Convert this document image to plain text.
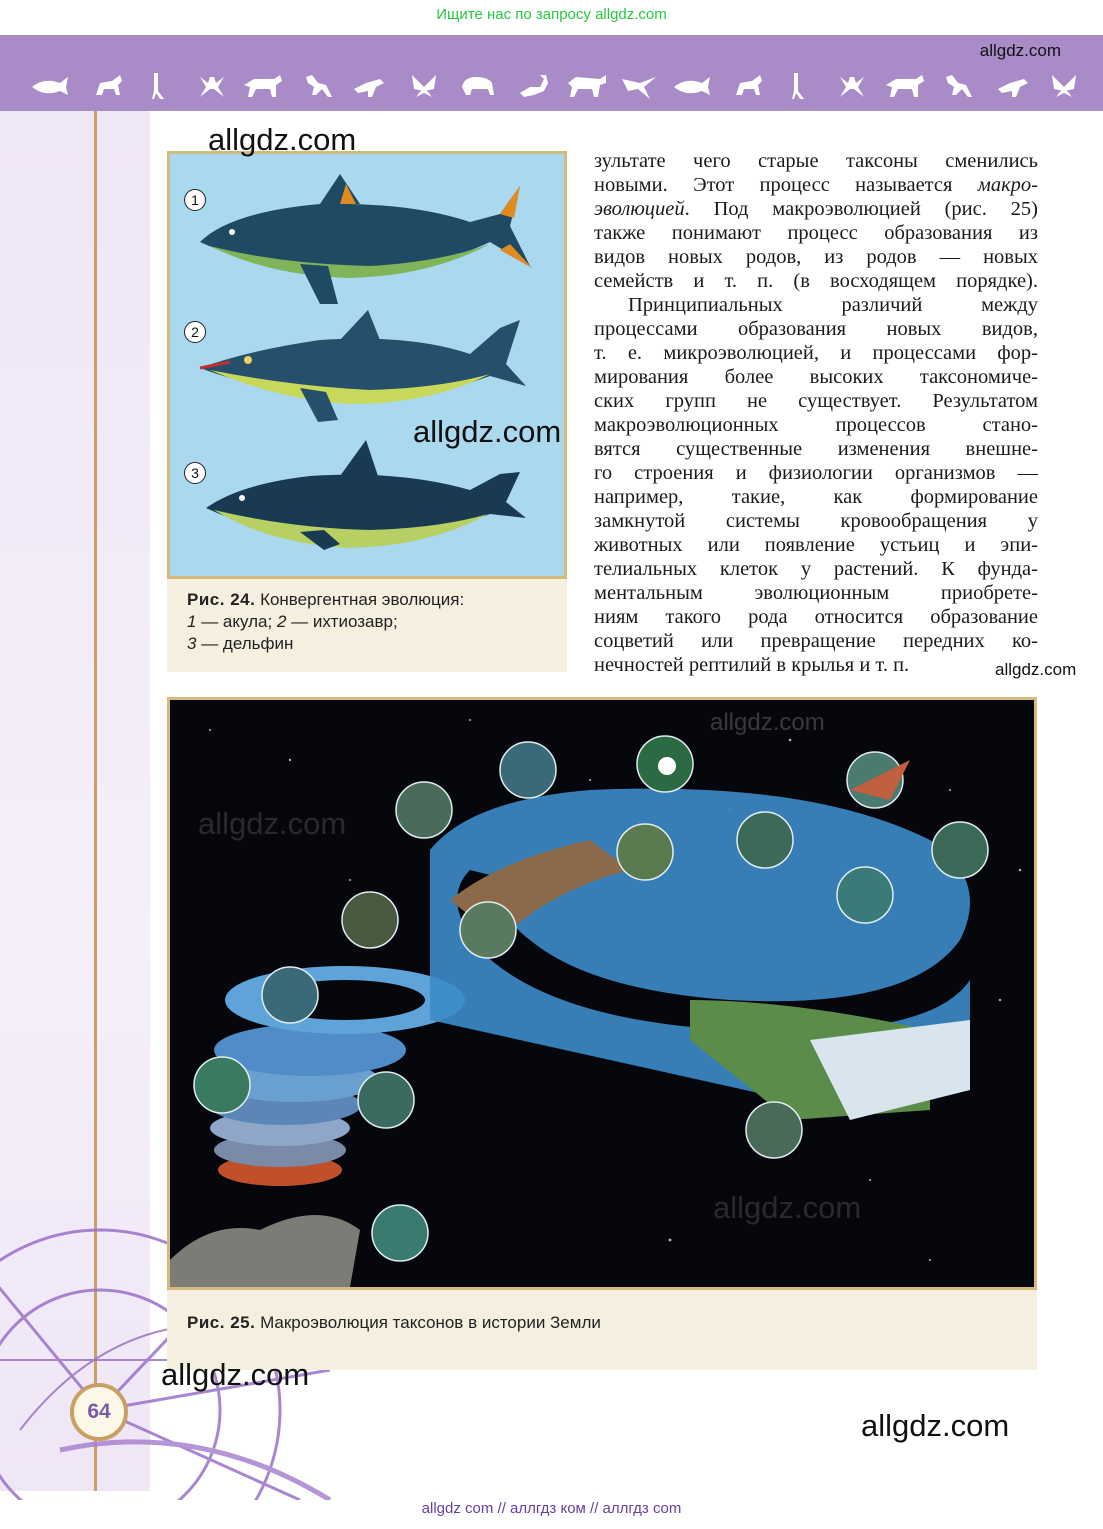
Ищите нас по запросу allgdz.com
allgdz.com
64
1
2
3
Рис. 24. Конвергентная эволюция:
1 — акула; 2 — ихтиозавр;
3 — дельфин
зультате чего старые таксоны сменились
новыми. Этот процесс называется макро-
эволюцией. Под макроэволюцией (рис. 25)
также понимают процесс образования из
видов новых родов, из родов — новых
семейств и т. п. (в восходящем порядке).
Принципиальных различий между
процессами образования новых видов,
т. е. микроэволюцией, и процессами фор-
мирования более высоких таксономиче-
ских групп не существует. Результатом
макроэволюционных процессов стано-
вятся существенные изменения внешне-
го строения и физиологии организмов —
например, такие, как формирование
замкнутой системы кровообращения у
животных или появление устьиц и эпи-
телиальных клеток у растений. К фунда-
ментальным эволюционным приобрете-
ниям такого рода относится образование
соцветий или превращение передних ко-
нечностей рептилий в крылья и т. п.
Рис. 25. Макроэволюция таксонов в истории Земли
allgdz.com
allgdz.com
allgdz.com
allgdz.com
allgdz.com
allgdz.com
allgdz.com
allgdz.com
allgdz com // аллгдз ком // аллгдз com
